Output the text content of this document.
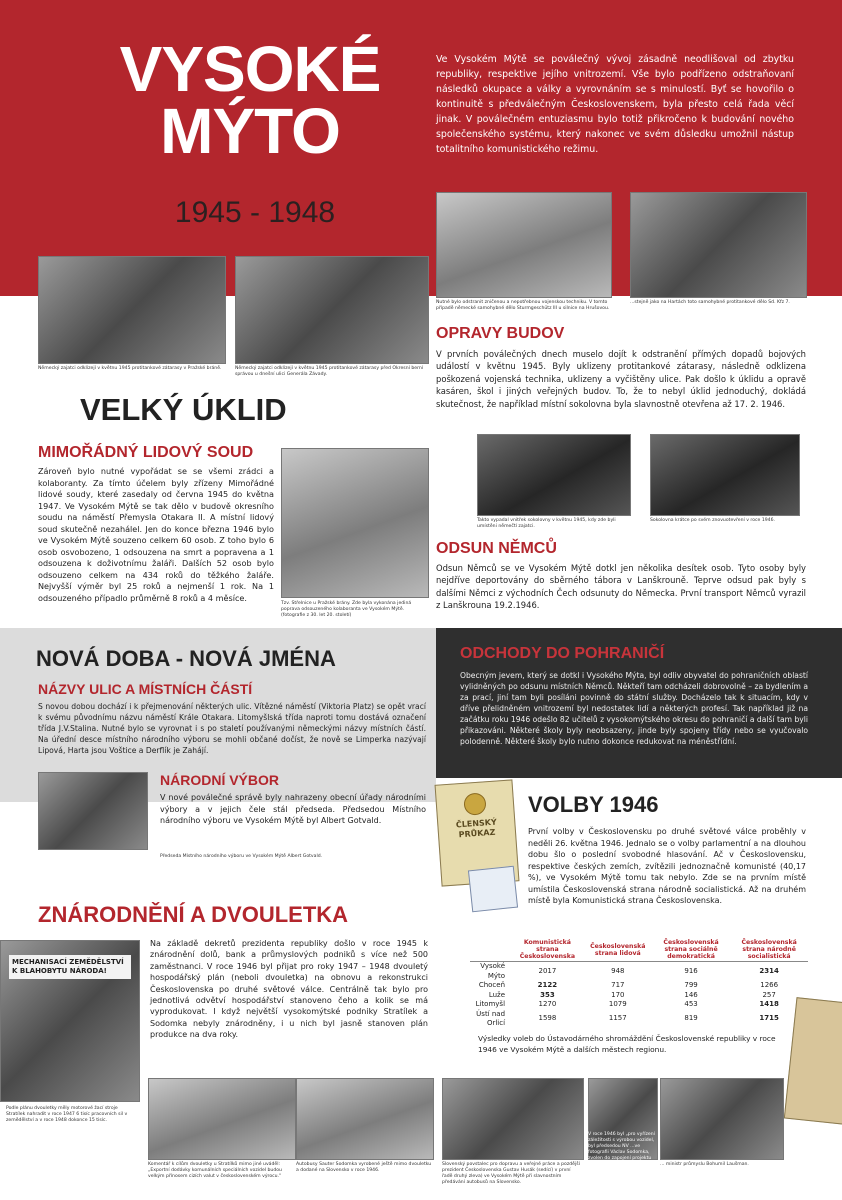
VYSOKÉ
MÝTO
1945 - 1948
Ve Vysokém Mýtě se poválečný vývoj zásadně neodlišoval od zbytku republiky, respektive jejího vnitrozemí. Vše bylo podřízeno odstraňovaní následků okupace a války a vyrovnáním se s minulostí. Byť se hovořilo o kontinuitě s předválečným Československem, byla přesto celá řada věcí jinak. V poválečném entuziasmu bylo totiž přikročeno k budování nového společenského systému, který nakonec ve svém důsledku umožnil nástup totalitního komunistického režimu.
Německý zajatci odklízejí v květnu 1945 protitankové zátarasy v Pražské bráně.	Německý zajatci odklízejí v květnu 1945 protitankové zátarasy před Okresní berní správou u dnešní ulici Generála Závady.
Nutné bylo odstranit zničenou a nepotřebnou vojenskou techniku. V tomto případě německé samohybné dělo Sturmgeschütz III u silnice na Hrušovou.
...stejně jako na Hartách toto samohybné protitankové dělo Sd. Kfz 7.
OPRAVY BUDOV
V prvních poválečných dnech muselo dojít k odstranění přímých dopadů bojových událostí v květnu 1945. Byly uklizeny protitankové zátarasy, následně odklizena poškozená vojenská technika, uklizeny a vyčištěny ulice. Pak došlo k úklidu a opravě kasáren, škol i jiných veřejných budov. To, že to nebyl úklid jednoduchý, dokládá skutečnost, že například místní sokolovna byla slavnostně otevřena až 17. 2. 1946.
VELKÝ ÚKLID
MIMOŘÁDNÝ LIDOVÝ SOUD
Zároveň bylo nutné vypořádat se se všemi zrádci a kolaboranty. Za tímto účelem byly zřízeny Mimořádné lidové soudy, které zasedaly od června 1945 do května 1947. Ve Vysokém Mýtě se tak dělo v budově okresního soudu na náměstí Přemysla Otakara II. A místní lidový soud skutečně nezahálel. Jen do konce března 1946 bylo ve Vysokém Mýtě souzeno celkem 60 osob. Z toho bylo 6 osob osvobozeno, 1 odsouzena na smrt a popravena a 1 odsouzena k doživotnímu žaláři. Dalších 52 osob bylo odsouzeno celkem na 434 roků do těžkého žaláře. Nejvyšší výměr byl 25 roků a nejmenší 1 rok. Na 1 odsouzeného případlo průměrně 8 roků a 4 měsíce.
Tzv. Střelnice u Pražské brány. Zde byla vykonána jediná poprava odsouzeného kolaboranta ve Vysokém Mýtě. (fotografie z 30. let 20. století)
Takto vypadal vnitřek sokolovny v květnu 1945, kdy zde byli umístěni němečtí zajatci.
Sokolovna krátce po svém znovuotevření v roce 1946.
ODSUN NĚMCŮ
Odsun Němců se ve Vysokém Mýtě dotkl jen několika desítek osob. Tyto osoby byly nejdříve deportovány do sběrného tábora v Lanškrouně. Teprve odsud pak byly s dalšími Němci z východních Čech odsunuty do Německa. První transport Němců vyrazil z Lanškrouna 19.2.1946.
NOVÁ DOBA - NOVÁ JMÉNA
NÁZVY ULIC A MÍSTNÍCH ČÁSTÍ
S novou dobou dochází i k přejmenování některých ulic. Vítězné náměstí (Viktoria Platz) se opět vrací k svému původnímu názvu náměstí Krále Otakara. Litomyšlská třída naproti tomu dostává označení třída J.V.Stalina. Nutné bylo se vyrovnat i s po staletí používanými německými názvy místních částí. Na úřední desce místního národního výboru se mohli občané dočíst, že nově se Limperka nazývají Lipová, Harta jsou Voštice a Derflík je Zahájí.
NÁRODNÍ VÝBOR
V nové poválečné správě byly nahrazeny obecní úřady národními výbory a v jejich čele stál předseda. Předsedou Místního národního výboru ve Vysokém Mýtě byl Albert Gotvald.
Předseda Místního národního výboru ve Vysokém Mýtě Albert Gotvald.
ODCHODY DO POHRANIČÍ
Obecným jevem, který se dotkl i Vysokého Mýta, byl odliv obyvatel do pohraničních oblastí vylidněných po odsunu místních Němců. Někteří tam odcházeli dobrovolně – za bydlením a za prací, jiní tam byli posíláni povinně do státní služby. Docházelo tak k situacím, kdy v dříve přelidněném vnitrozemí byl nedostatek lidí a některých profesí. Tak například již na začátku roku 1946 odešlo 82 učitelů z vysokomýtského okresu do pohraničí a další tam byli přikazováni. Některé školy byly neobsazeny, jinde byly spojeny třídy nebo se vyučovalo polodenně. Některé školy bylo nutno dokonce redukovat na méněstřídní.
ČLENSKÝ PRŮKAZ
VOLBY 1946
První volby v Československu po druhé světové válce proběhly v neděli 26. května 1946. Jednalo se o volby parlamentní a na dlouhou dobu šlo o poslední svobodné hlasování. Ač v Československu, respektive českých zemích, zvítězili jednoznačně komunisté (40,17 %), ve Vysokém Mýtě tomu tak nebylo. Zde se na prvním místě umístila Československá strana národně socialistická. Až na druhém místě byla Komunistická strana Československa.
	Komunistická strana Československa	Československá strana lidová	Československá strana sociálně demokratická	Československá strana národně socialistická
Vysoké Mýto	2017	948	916	2314
Choceň	2122	717	799	1266
Luže	353	170	146	257
Litomyšl	1270	1079	453	1418
Ústí nad Orlicí	1598	1157	819	1715
Výsledky voleb do Ústavodárného shromáždění Československé republiky v roce 1946 ve Vysokém Mýtě a dalších městech regionu.
ZNÁRODNĚNÍ A DVOULETKA
MECHANISACÍ ZEMĚDĚLSTVÍ K BLAHOBYTU NÁRODA!
Podle plánu dvouletky měly motorové žací stroje Stratílek nahradit v roce 1947 6 tisíc pracovních sil v zemědělství a v roce 1948 dokonce 15 tisíc.
Na základě dekretů prezidenta republiky došlo v roce 1945 k znárodnění dolů, bank a průmyslových podniků s více než 500 zaměstnanci. V roce 1946 byl přijat pro roky 1947 – 1948 dvouletý hospodářský plán (neboli dvouletka) na obnovu a rekonstrukci Československa po druhé světové válce. Centrálně tak bylo pro jednotlivá odvětví hospodářství stanoveno čeho a kolik se má vyprodukovat. I když největší vysokomýtské podniky Stratílek a Sodomka nebyly znárodněny, i u nich byl jasně stanoven plán produkce na dva roky.
Komentář k cílům dvouletky u Stratílků mimo jiné uváděl: „Exportní dodávky komunálních speciálních vozidel budou velkým přínosem cizích valut v československém výrocu.“
Autobusy Sauter Sodomka vyrobené ještě mimo dvouletku a dodané na Slovensko v roce 1946.
Slovenský povstalec pro dopravu a veřejné práce a pozdější prezident Československa Gustav Husák (sedící) v první řadě druhý zleva) ve Vysokém Mýtě při slavnostním předávání autobusů na Slovensko.
V roce 1946 byl „pro vyřízení záležitosti s výrobou vozidel, byl předsedou NV ...ve fotografii Václav Sodomka, zvolen do zapojení projektu ...podnikatelů hospodářské ... prof. Dr. Zdeněk Nejedlý a...
... ministr průmyslu Bohumil Laušman.
